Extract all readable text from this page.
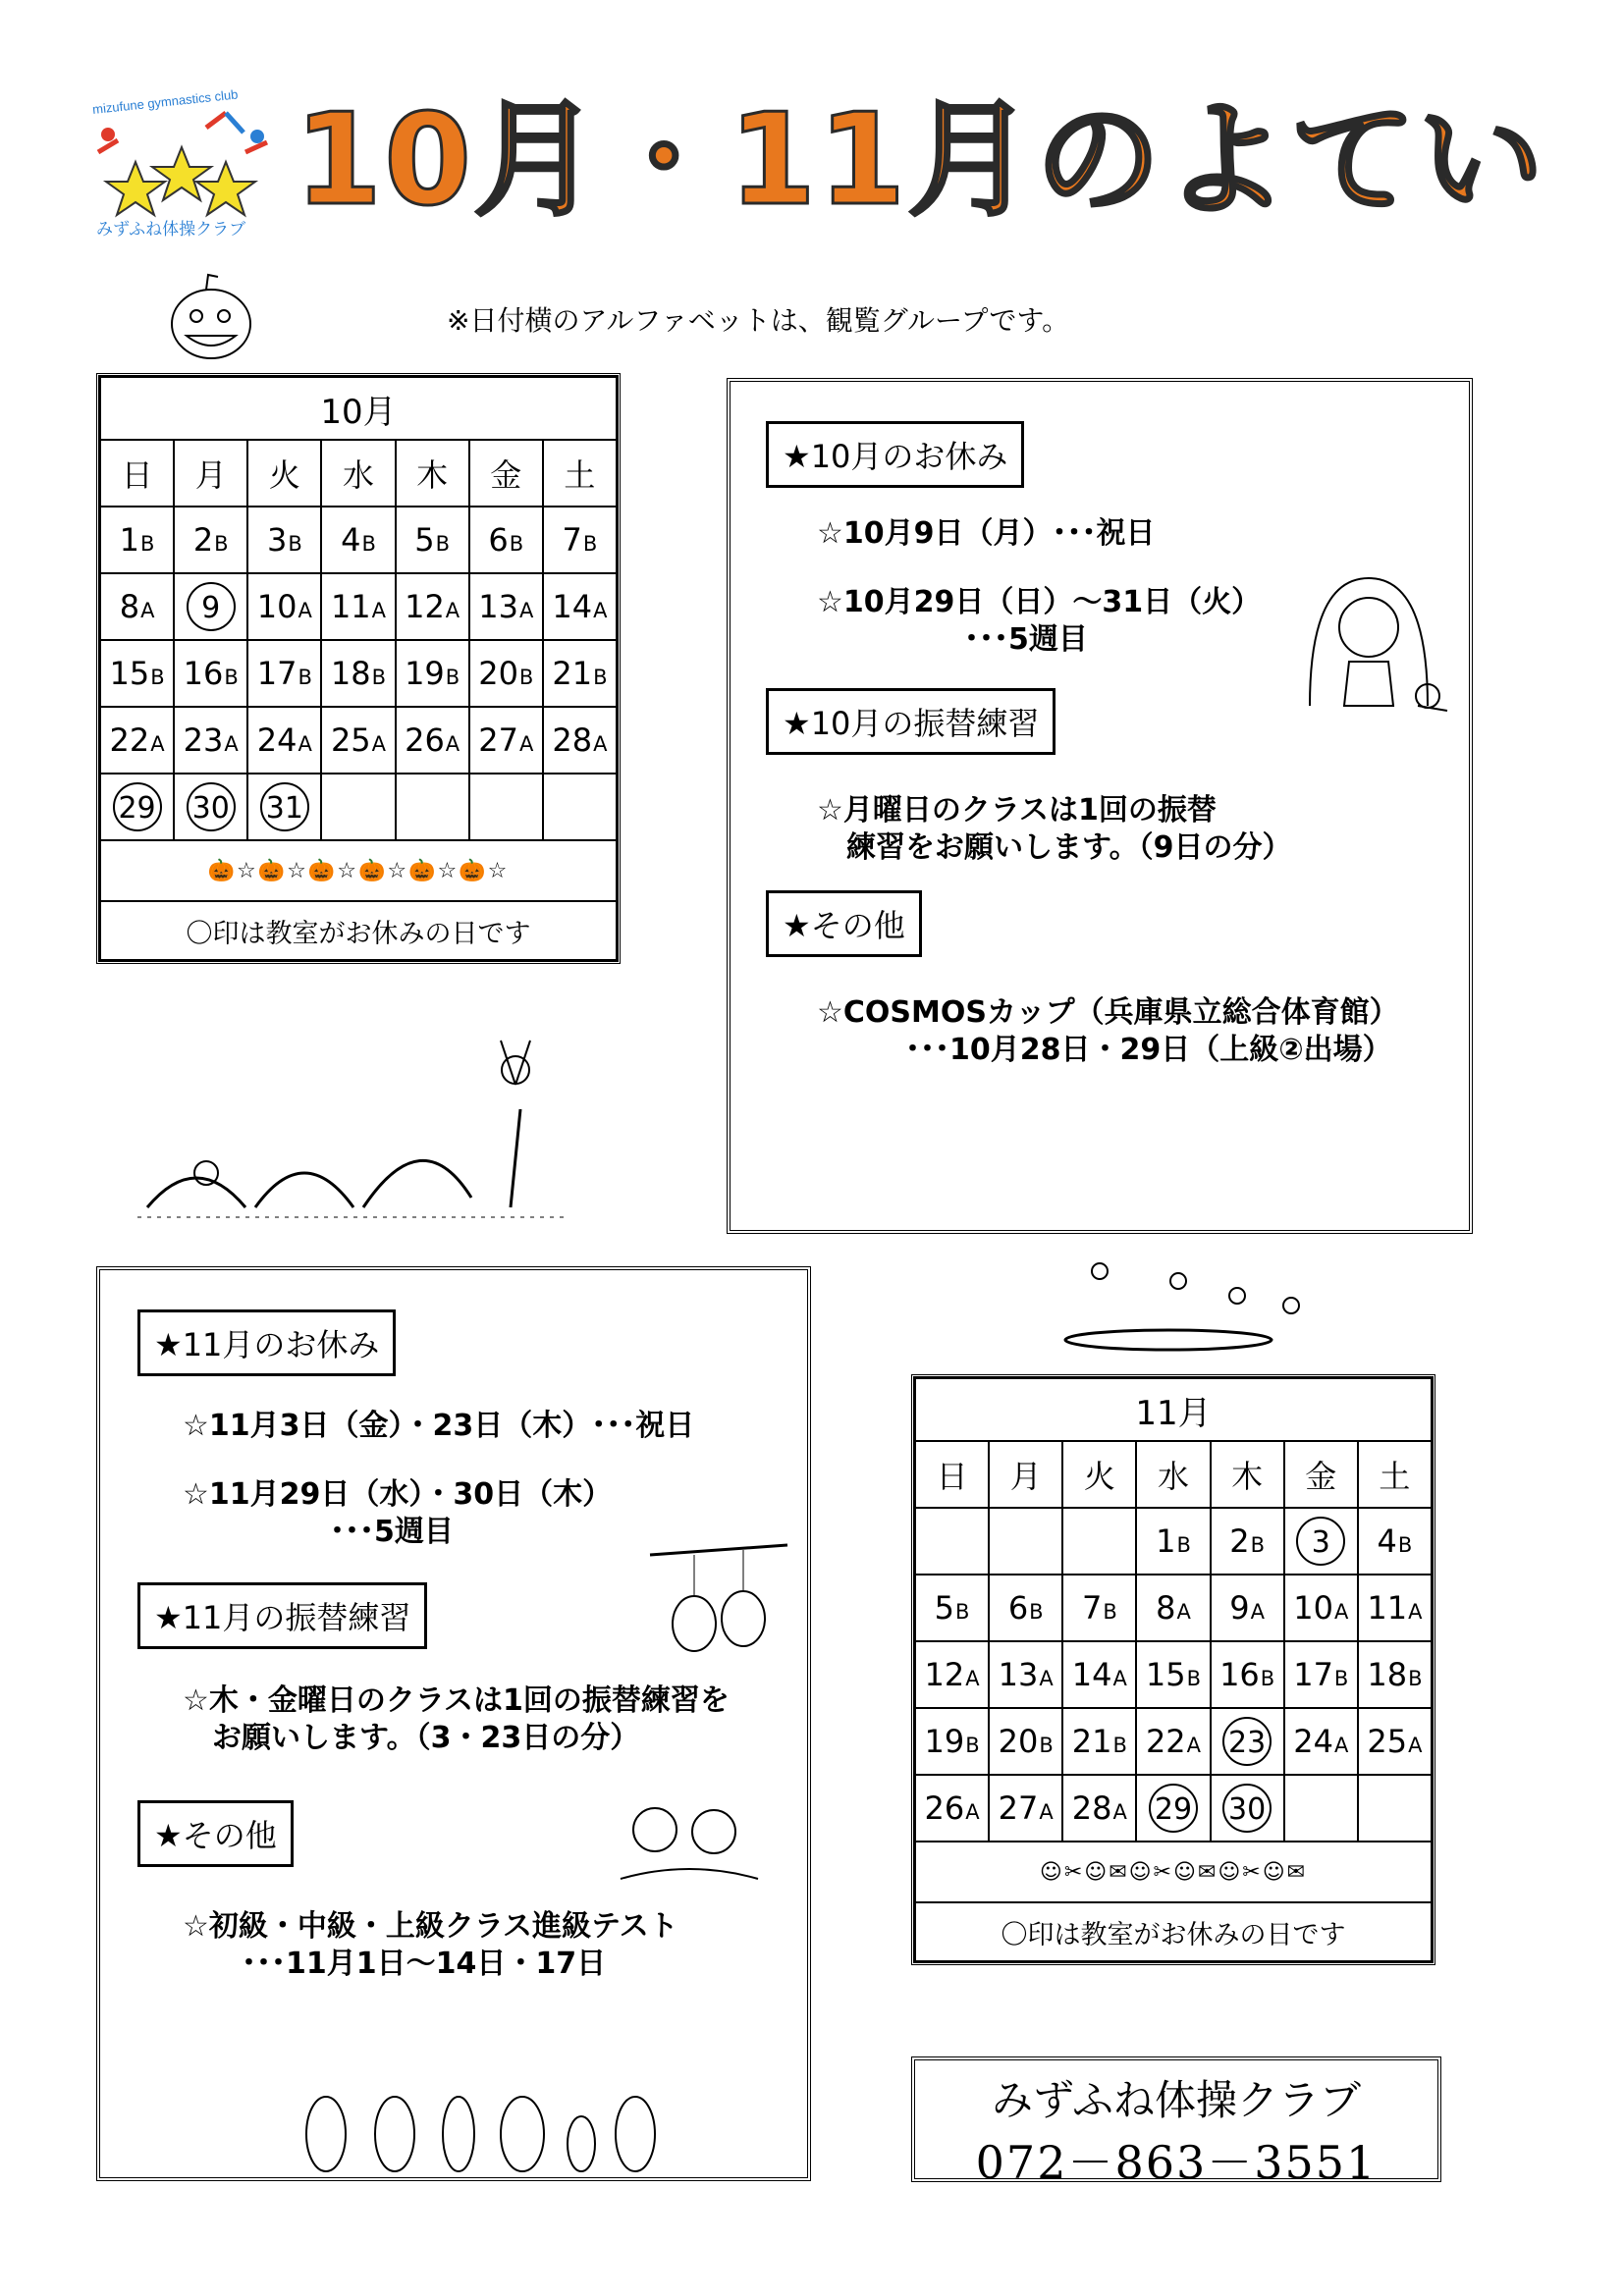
mizufune gymnastics club
みずふね体操クラブ 10月・11月のよてい
※日付横のアルファベットは、観覧グループです。
10月						
日	月	火	水	木	金	土
1B	2B	3B	4B	5B	6B	7B
8A	9	10A	11A	12A	13A	14A
15B	16B	17B	18B	19B	20B	21B
22A	23A	24A	25A	26A	27A	28A
29	30	31				
🎃☆🎃☆🎃☆🎃☆🎃☆🎃☆						
〇印は教室がお休みの日です						
★10月のお休み
☆10月9日（月）･･･祝日
☆10月29日（日）～31日（火）
　　　　　･･･5週目
★10月の振替練習
☆月曜日のクラスは1回の振替
　練習をお願いします。（9日の分）
★その他
☆COSMOSカップ（兵庫県立総合体育館）
　　　･･･10月28日・29日（上級②出場）
★11月のお休み
☆11月3日（金）・23日（木）･･･祝日
☆11月29日（水）・30日（木）
　　　　　･･･5週目
★11月の振替練習
☆木・金曜日のクラスは1回の振替練習を
　お願いします。（3・23日の分）
★その他
☆初級・中級・上級クラス進級テスト
　　･･･11月1日～14日・17日
11月						
日	月	火	水	木	金	土
			1B	2B	3	4B
5B	6B	7B	8A	9A	10A	11A
12A	13A	14A	15B	16B	17B	18B
19B	20B	21B	22A	23	24A	25A
26A	27A	28A	29	30		
☺✂☺✉☺✂☺✉☺✂☺✉						
〇印は教室がお休みの日です						
みずふね体操クラブ
072－863－3551
